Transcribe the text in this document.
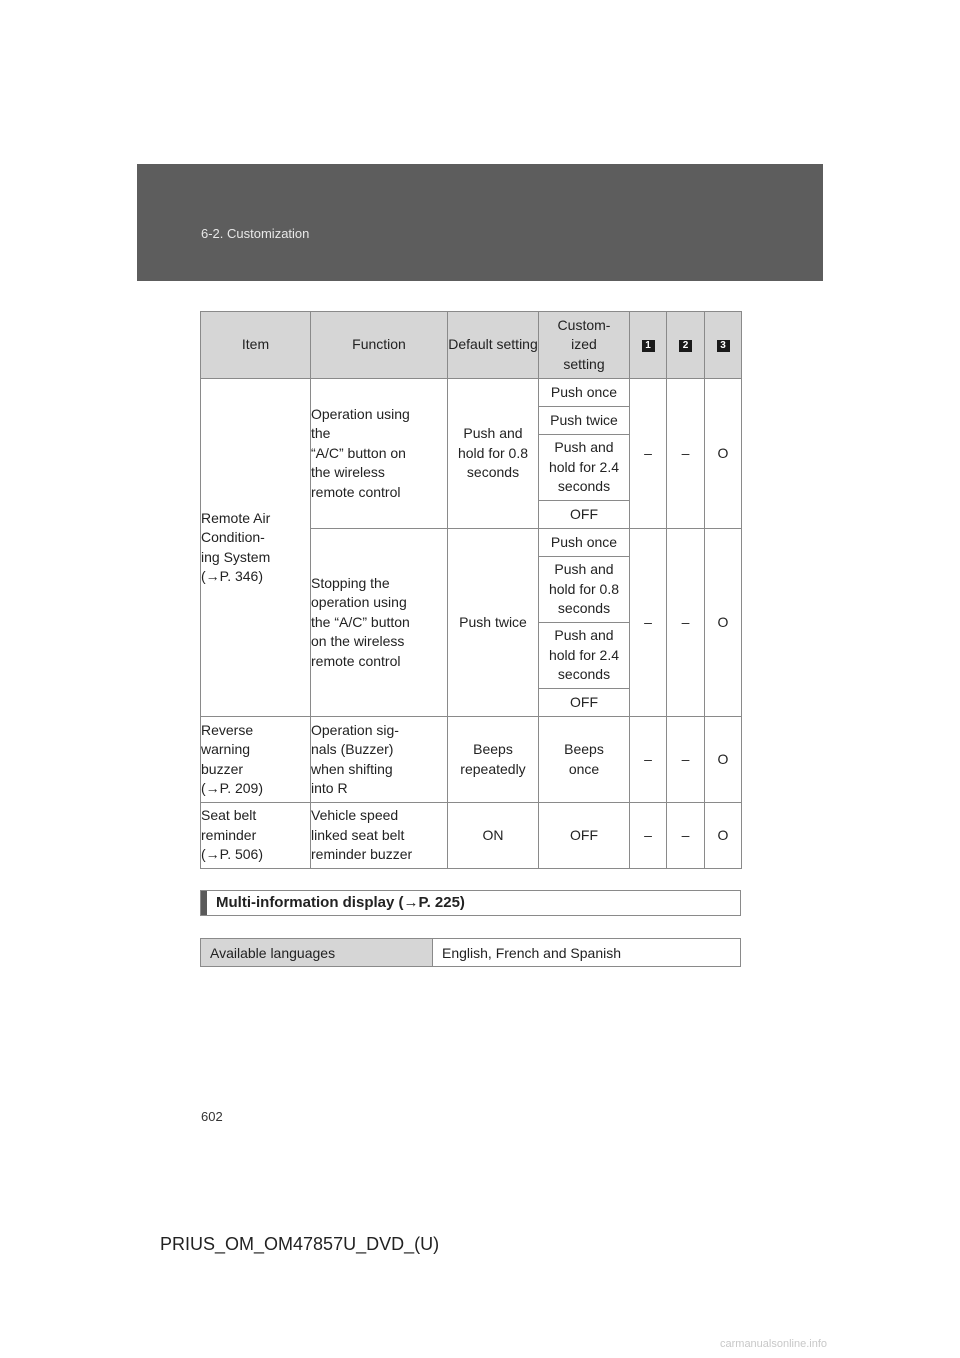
6-2. Customization
Item	Function	Default setting	Custom-
ized
setting	1	2	3
Remote Air
Condition-
ing System
(→P. 346)	Operation using
the
“A/C” button on
the wireless
remote control	Push and
hold for 0.8
seconds	Push once	–	–	O
			Push twice			
			Push and
hold for 2.4
seconds			
			OFF			
	Stopping the
operation using
the “A/C” button
on the wireless
remote control	Push twice	Push once	–	–	O
			Push and
hold for 0.8
seconds			
			Push and
hold for 2.4
seconds			
			OFF			
Reverse
warning
buzzer
(→P. 209)	Operation sig-
nals (Buzzer)
when shifting
into R	Beeps
repeatedly	Beeps
once	–	–	O
Seat belt
reminder
(→P. 506)	Vehicle speed
linked seat belt
reminder buzzer	ON	OFF	–	–	O
Multi-information display (→P. 225)
Available languages	English, French and Spanish
602
PRIUS_OM_OM47857U_DVD_(U)
carmanualsonline.info
